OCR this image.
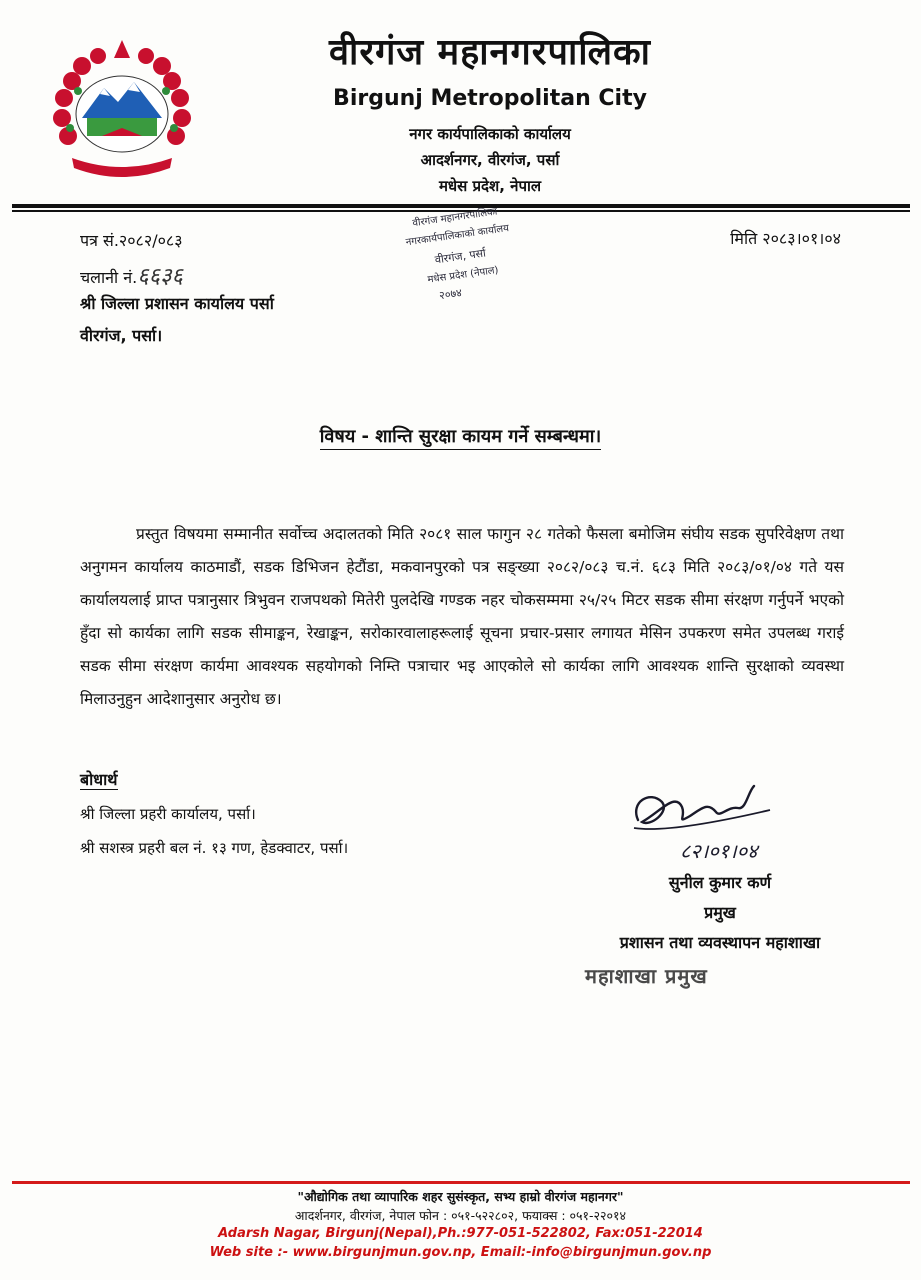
वीरगंज महानगरपालिका
Birgunj Metropolitan City
नगर कार्यपालिकाको कार्यालय
आदर्शनगर, वीरगंज, पर्सा
मधेस प्रदेश, नेपाल
वीरगंज महानगरपालिका
नगरकार्यपालिकाको कार्यालय
वीरगंज, पर्सा
मधेस प्रदेश (नेपाल)
२०७४
पत्र सं.२०८२/०८३
चलानी नं.६६३६
श्री जिल्ला प्रशासन कार्यालय पर्सा
वीरगंज, पर्सा।
मिति २०८३।०१।०४
विषय - शान्ति सुरक्षा कायम गर्ने सम्बन्धमा।
प्रस्तुत विषयमा सम्मानीत सर्वोच्च अदालतको मिति २०८१ साल फागुन २८ गतेको फैसला बमोजिम संघीय सडक सुपरिवेक्षण तथा अनुगमन कार्यालय काठमाडौं, सडक डिभिजन हेटौंडा, मकवानपुरको पत्र सङ्ख्या २०८२/०८३ च.नं. ६८३ मिति २०८३/०१/०४ गते यस कार्यालयलाई प्राप्त पत्रानुसार त्रिभुवन राजपथको मितेरी पुलदेखि गण्डक नहर चोकसम्ममा २५/२५ मिटर सडक सीमा संरक्षण गर्नुपर्ने भएको हुँदा सो कार्यका लागि सडक सीमाङ्कन, रेखाङ्कन, सरोकारवालाहरूलाई सूचना प्रचार-प्रसार लगायत मेसिन उपकरण समेत उपलब्ध गराई सडक सीमा संरक्षण कार्यमा आवश्यक सहयोगको निम्ति पत्राचार भइ आएकोले सो कार्यका लागि आवश्यक शान्ति सुरक्षाको व्यवस्था मिलाउनुहुन आदेशानुसार अनुरोध छ।
बोधार्थ
श्री जिल्ला प्रहरी कार्यालय, पर्सा।
श्री सशस्त्र प्रहरी बल नं. १३ गण, हेडक्वाटर, पर्सा।	८२।०१।०४
सुनील कुमार कर्ण
प्रमुख
प्रशासन तथा व्यवस्थापन महाशाखा
महाशाखा प्रमुख
"औद्योगिक तथा व्यापारिक शहर सुसंस्कृत, सभ्य हाम्रो वीरगंज महानगर"
आदर्शनगर, वीरगंज, नेपाल फोन : ०५१-५२२८०२, फयाक्स : ०५१-२२०१४
Adarsh Nagar, Birgunj(Nepal),Ph.:977-051-522802, Fax:051-22014
Web site :- www.birgunjmun.gov.np, Email:-info@birgunjmun.gov.np
